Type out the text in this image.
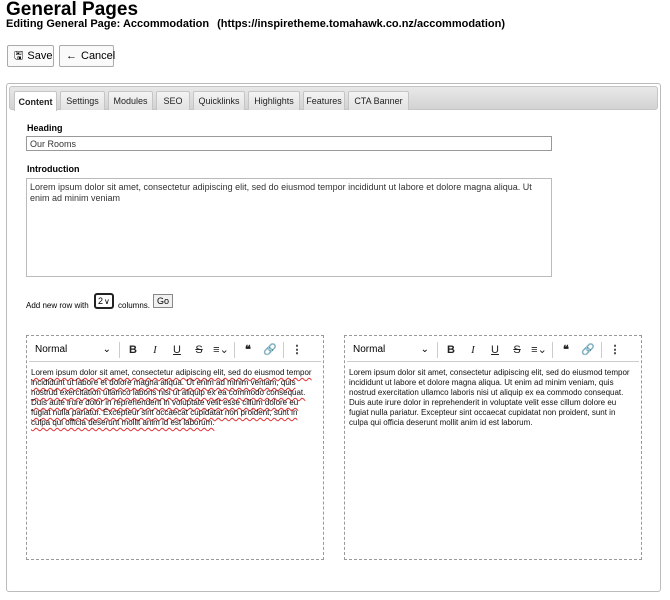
General Pages
Editing General Page: Accommodation (https://inspiretheme.tomahawk.co.nz/accommodation)
🖫 Save ← Cancel
Content	Settings	Modules	SEO	Quicklinks	Highlights	Features	CTA Banner
Heading
Our Rooms
Introduction
Lorem ipsum dolor sit amet, consectetur adipiscing elit, sed do eiusmod tempor incididunt ut labore et dolore magna aliqua. Ut enim ad minim veniam
Add new row with 2 ∨ columns. Go
Normal	⌄	B	I	U	S ≡⌄	❝	🔗	⋮
Lorem ipsum dolor sit amet, consectetur adipiscing elit, sed do eiusmod tempor incididunt ut labore et dolore magna aliqua. Ut enim ad minim veniam, quis nostrud exercitation ullamco laboris nisi ut aliquip ex ea commodo consequat. Duis aute irure dolor in reprehenderit in voluptate velit esse cillum dolore eu fugiat nulla pariatur. Excepteur sint occaecat cupidatat non proident, sunt in culpa qui officia deserunt mollit anim id est laborum.
Normal	⌄	B	I	U	S ≡⌄	❝	🔗	⋮
Lorem ipsum dolor sit amet, consectetur adipiscing elit, sed do eiusmod tempor incididunt ut labore et dolore magna aliqua. Ut enim ad minim veniam, quis nostrud exercitation ullamco laboris nisi ut aliquip ex ea commodo consequat. Duis aute irure dolor in reprehenderit in voluptate velit esse cillum dolore eu fugiat nulla pariatur. Excepteur sint occaecat cupidatat non proident, sunt in culpa qui officia deserunt mollit anim id est laborum.
